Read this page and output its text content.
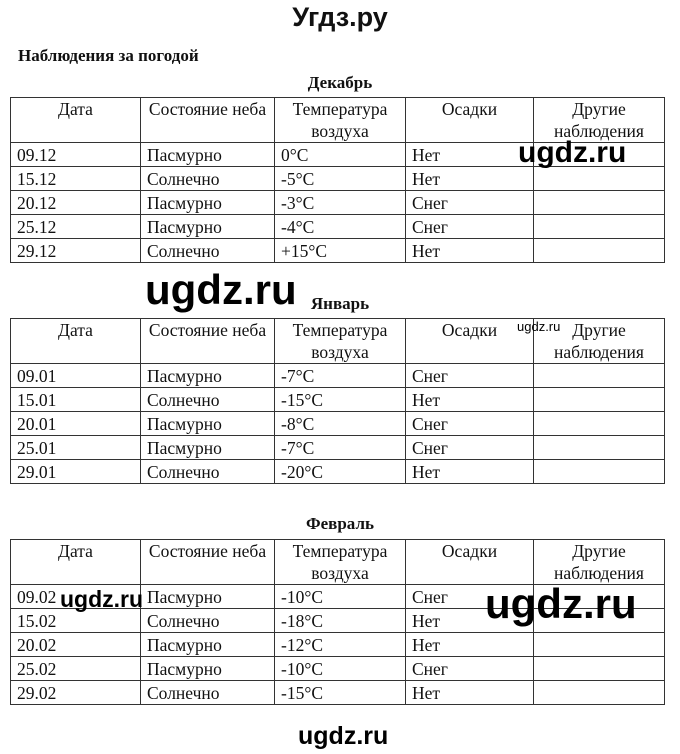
Угдз.ру
Наблюдения за погодой
Декабрь
Дата	Состояние неба	Температура воздуха	Осадки	Другие наблюдения
09.12	Пасмурно	0°C	Нет	
15.12	Солнечно	-5°C	Нет	
20.12	Пасмурно	-3°C	Снег	
25.12	Пасмурно	-4°C	Снег	
29.12	Солнечно	+15°C	Нет	
Январь
Дата	Состояние неба	Температура воздуха	Осадки	Другие наблюдения
09.01	Пасмурно	-7°C	Снег	
15.01	Солнечно	-15°C	Нет	
20.01	Пасмурно	-8°C	Снег	
25.01	Пасмурно	-7°C	Снег	
29.01	Солнечно	-20°C	Нет	
Февраль
Дата	Состояние неба	Температура воздуха	Осадки	Другие наблюдения
09.02	Пасмурно	-10°C	Снег	
15.02	Солнечно	-18°C	Нет	
20.02	Пасмурно	-12°C	Нет	
25.02	Пасмурно	-10°C	Снег	
29.02	Солнечно	-15°C	Нет	
ugdz.ru
ugdz.ru
ugdz.ru
ugdz.ru	ugdz.ru
ugdz.ru
